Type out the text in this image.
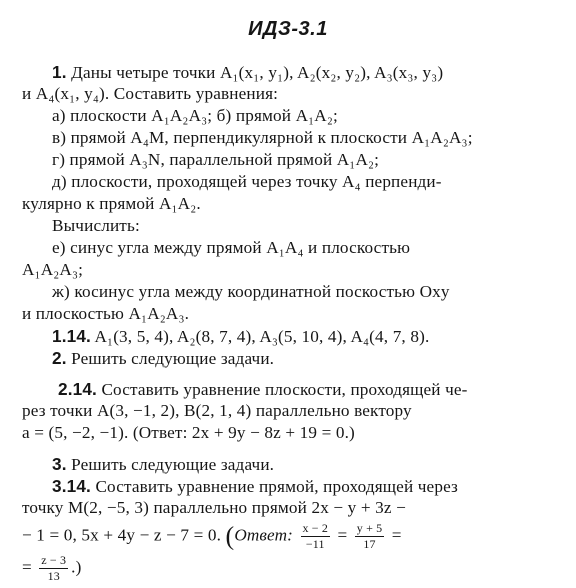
ИДЗ-3.1
1. Даны четыре точки A₁(x₁, y₁), A₂(x₂, y₂), A₃(x₃, y₃)
и A₄(x₁, y₄). Составить уравнения:
а) плоскости A₁A₂A₃; б) прямой A₁A₂;
в) прямой A₄M, перпендикулярной к плоскости A₁A₂A₃;
г) прямой A₃N, параллельной прямой A₁A₂;
д) плоскости, проходящей через точку A₄ перпенди-
кулярно к прямой A₁A₂.
Вычислить:
е) синус угла между прямой A₁A₄ и плоскостью
A₁A₂A₃;
ж) косинус угла между координатной поскостью Oxy
и плоскостью A₁A₂A₃.
1.14. A₁(3, 5, 4), A₂(8, 7, 4), A₃(5, 10, 4), A₄(4, 7, 8).
2. Решить следующие задачи.
2.14. Составить уравнение плоскости, проходящей че-
рез точки A(3, −1, 2), B(2, 1, 4) параллельно вектору
a = (5, −2, −1). (Ответ: 2x + 9y − 8z + 19 = 0.)
3. Решить следующие задачи.
3.14. Составить уравнение прямой, проходящей через
точку M(2, −5, 3) параллельно прямой 2x − y + 3z −
− 1 = 0, 5x + 4y − z − 7 = 0. (Ответ: $\frac{x - 2}{-11} = \frac{y + 5}{17}$ =
= $\frac{z - 3}{13}$ .)
